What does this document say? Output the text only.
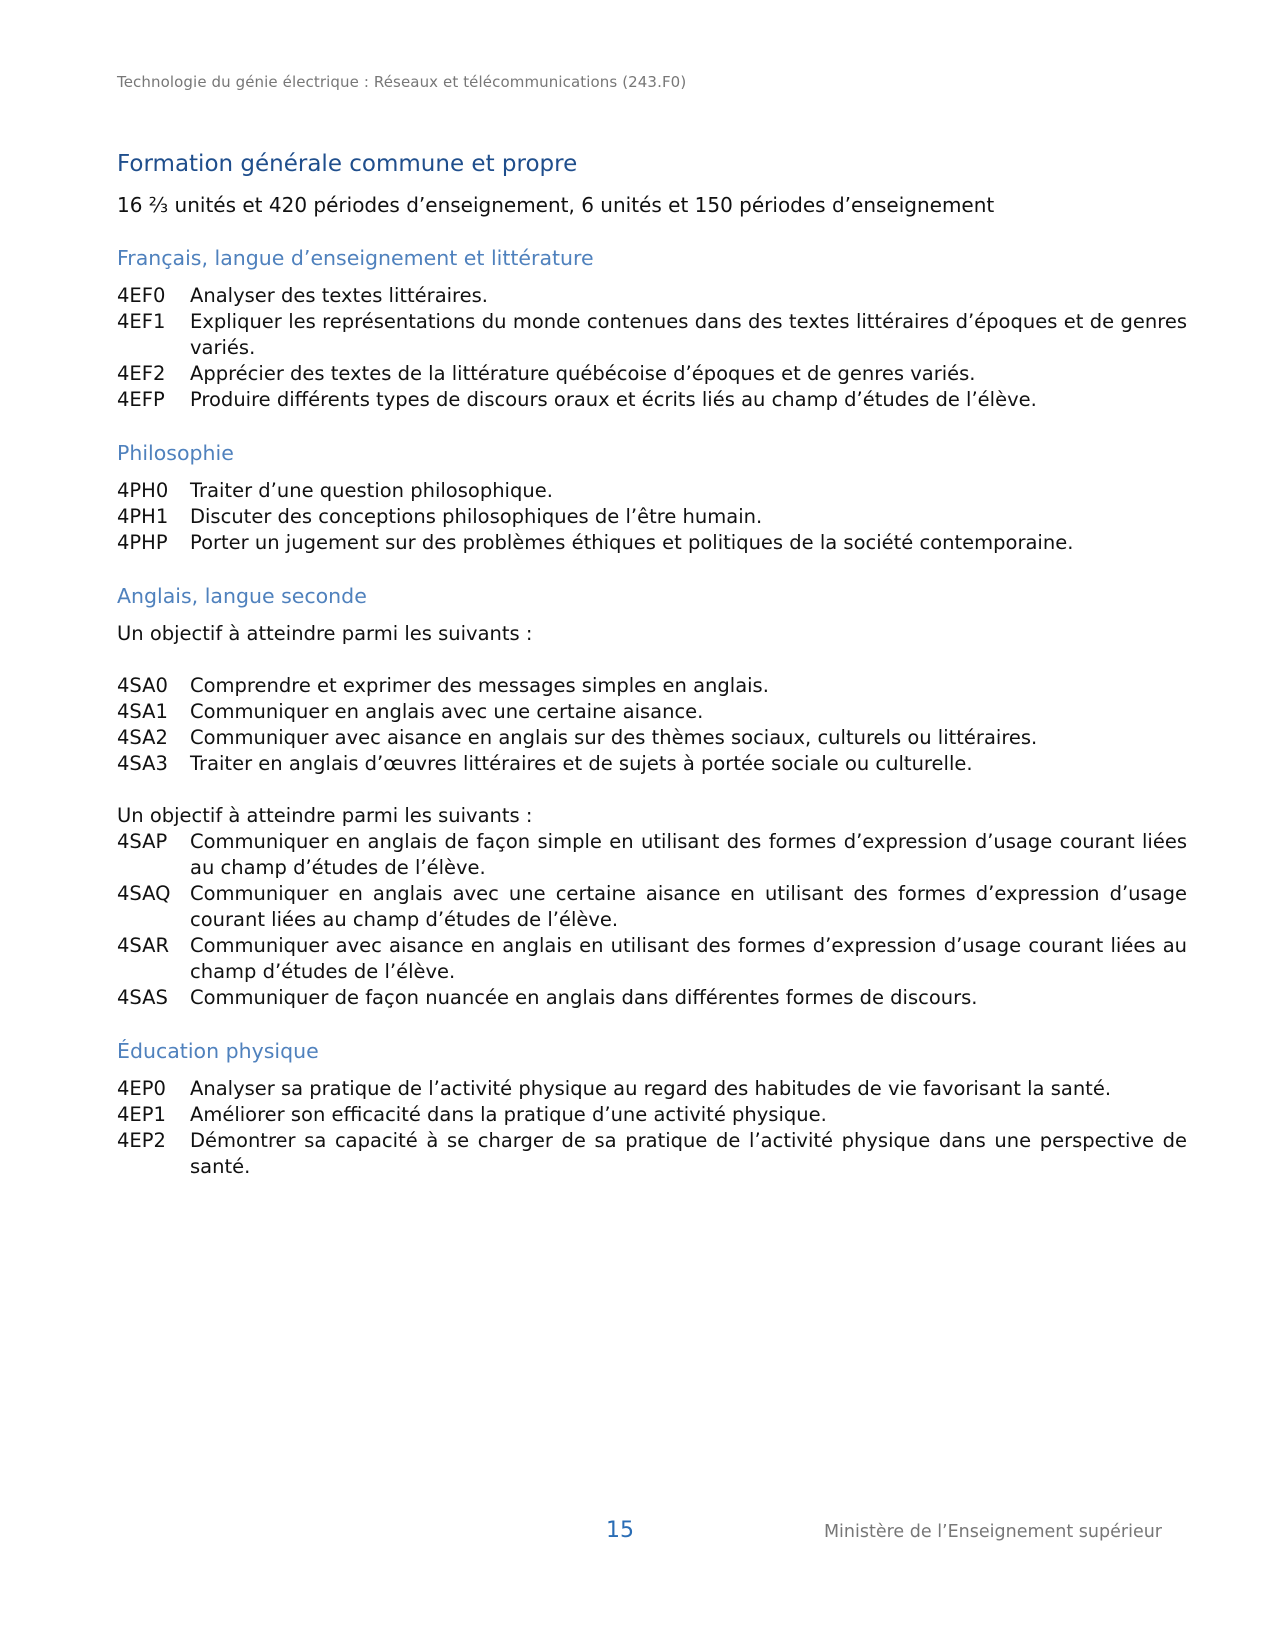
Technologie du génie électrique : Réseaux et télécommunications (243.F0)
Formation générale commune et propre

16 ⅔ unités et 420 périodes d’enseignement, 6 unités et 150 périodes d’enseignement

Français, langue d’enseignement et littérature
4EF0	Analyser des textes littéraires.
4EF1	Expliquer les représentations du monde contenues dans des textes littéraires d’époques et de genres variés.
4EF2	Apprécier des textes de la littérature québécoise d’époques et de genres variés.
4EFP	Produire différents types de discours oraux et écrits liés au champ d’études de l’élève.
Philosophie
4PH0	Traiter d’une question philosophique.
4PH1	Discuter des conceptions philosophiques de l’être humain.
4PHP	Porter un jugement sur des problèmes éthiques et politiques de la société contemporaine.
Anglais, langue seconde

Un objectif à atteindre parmi les suivants :

4SA0	Comprendre et exprimer des messages simples en anglais.
4SA1	Communiquer en anglais avec une certaine aisance.
4SA2	Communiquer avec aisance en anglais sur des thèmes sociaux, culturels ou littéraires.
4SA3	Traiter en anglais d’œuvres littéraires et de sujets à portée sociale ou culturelle.

Un objectif à atteindre parmi les suivants :

4SAP	Communiquer en anglais de façon simple en utilisant des formes d’expression d’usage courant liées au champ d’études de l’élève.
4SAQ	Communiquer en anglais avec une certaine aisance en utilisant des formes d’expression d’usage courant liées au champ d’études de l’élève.
4SAR	Communiquer avec aisance en anglais en utilisant des formes d’expression d’usage courant liées au champ d’études de l’élève.
4SAS	Communiquer de façon nuancée en anglais dans différentes formes de discours.
Éducation physique
4EP0	Analyser sa pratique de l’activité physique au regard des habitudes de vie favorisant la santé.
4EP1	Améliorer son efficacité dans la pratique d’une activité physique.
4EP2	Démontrer sa capacité à se charger de sa pratique de l’activité physique dans une perspective de santé.
15	Ministère de l’Enseignement supérieur
